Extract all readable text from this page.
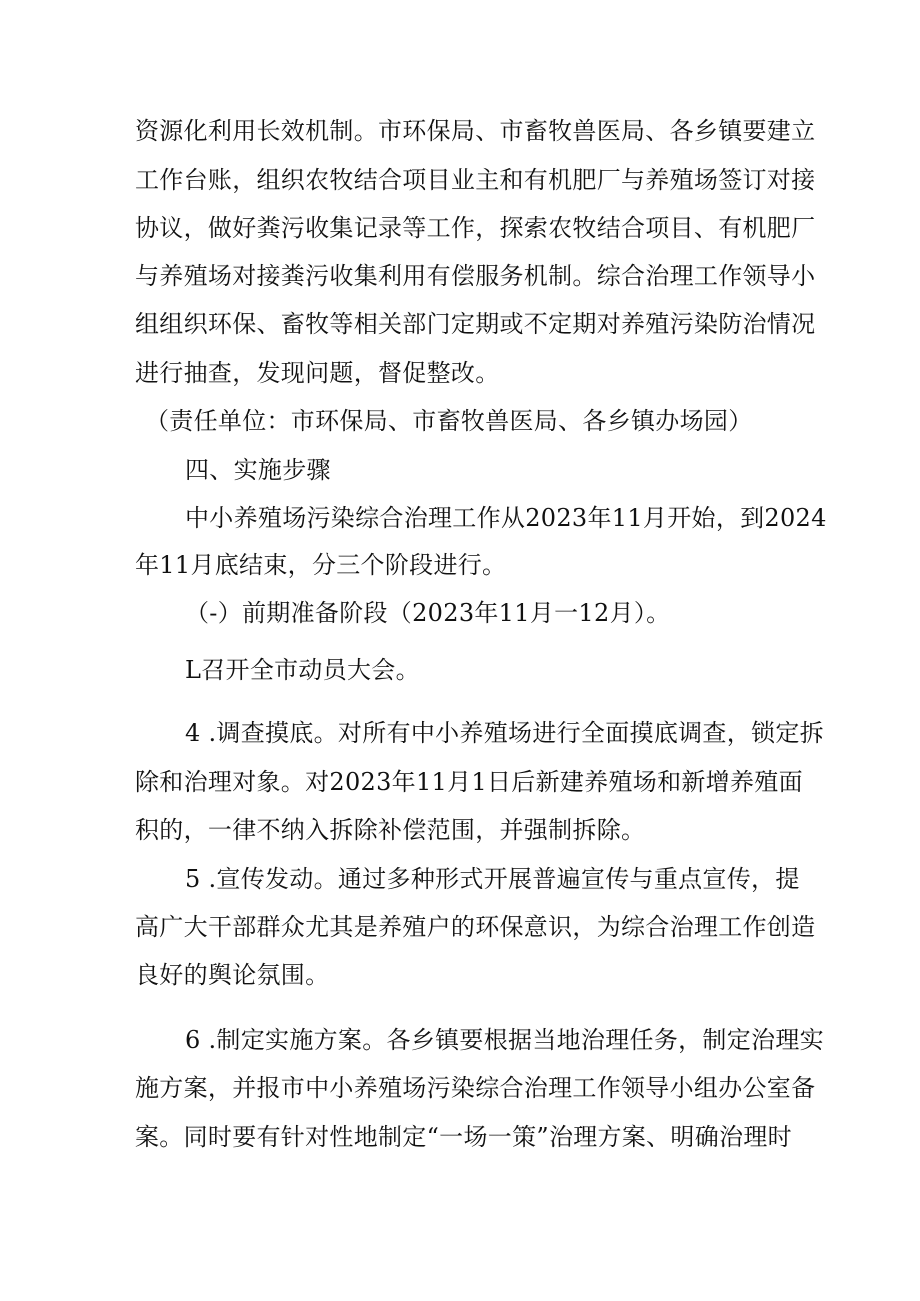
资源化利用长效机制。市环保局、市畜牧兽医局、各乡镇要建立
工作台账，组织农牧结合项目业主和有机肥厂与养殖场签订对接
协议，做好粪污收集记录等工作，探索农牧结合项目、有机肥厂
与养殖场对接粪污收集利用有偿服务机制。综合治理工作领导小
组组织环保、畜牧等相关部门定期或不定期对养殖污染防治情况
进行抽查，发现问题，督促整改。
（责任单位：市环保局、市畜牧兽医局、各乡镇办场园）
四、实施步骤
中小养殖场污染综合治理工作从2023年11月开始，到2024
年11月底结束，分三个阶段进行。
（-）前期准备阶段（2023年11月一12月）。
L召开全市动员大会。
4 .调查摸底。对所有中小养殖场进行全面摸底调查，锁定拆
除和治理对象。对2023年11月1日后新建养殖场和新增养殖面
积的，一律不纳入拆除补偿范围，并强制拆除。
5 .宣传发动。通过多种形式开展普遍宣传与重点宣传，提
高广大干部群众尤其是养殖户的环保意识，为综合治理工作创造
良好的舆论氛围。
6 .制定实施方案。各乡镇要根据当地治理任务，制定治理实
施方案，并报市中小养殖场污染综合治理工作领导小组办公室备
案。同时要有针对性地制定“一场一策”治理方案、明确治理时
